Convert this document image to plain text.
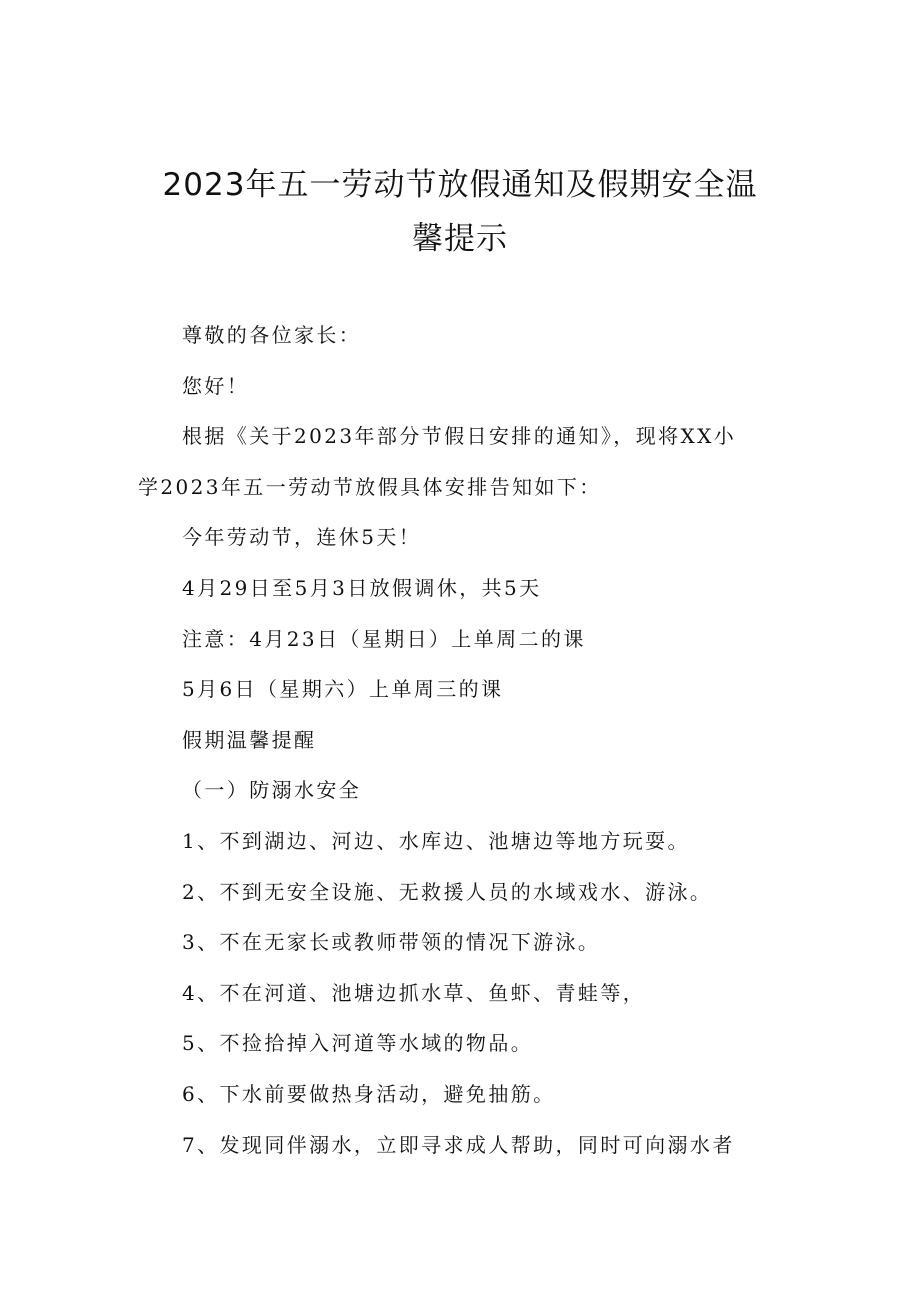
2023年五一劳动节放假通知及假期安全温
馨提示

尊敬的各位家长：

您好！

根据《关于2023年部分节假日安排的通知》，现将XX小

学2023年五一劳动节放假具体安排告知如下：

今年劳动节，连休5天！

4月29日至5月3日放假调休，共5天

注意：4月23日（星期日）上单周二的课

5月6日（星期六）上单周三的课

假期温馨提醒

（一）防溺水安全

1、不到湖边、河边、水库边、池塘边等地方玩耍。

2、不到无安全设施、无救援人员的水域戏水、游泳。

3、不在无家长或教师带领的情况下游泳。

4、不在河道、池塘边抓水草、鱼虾、青蛙等，

5、不捡拾掉入河道等水域的物品。

6、下水前要做热身活动，避免抽筋。

7、发现同伴溺水，立即寻求成人帮助，同时可向溺水者
